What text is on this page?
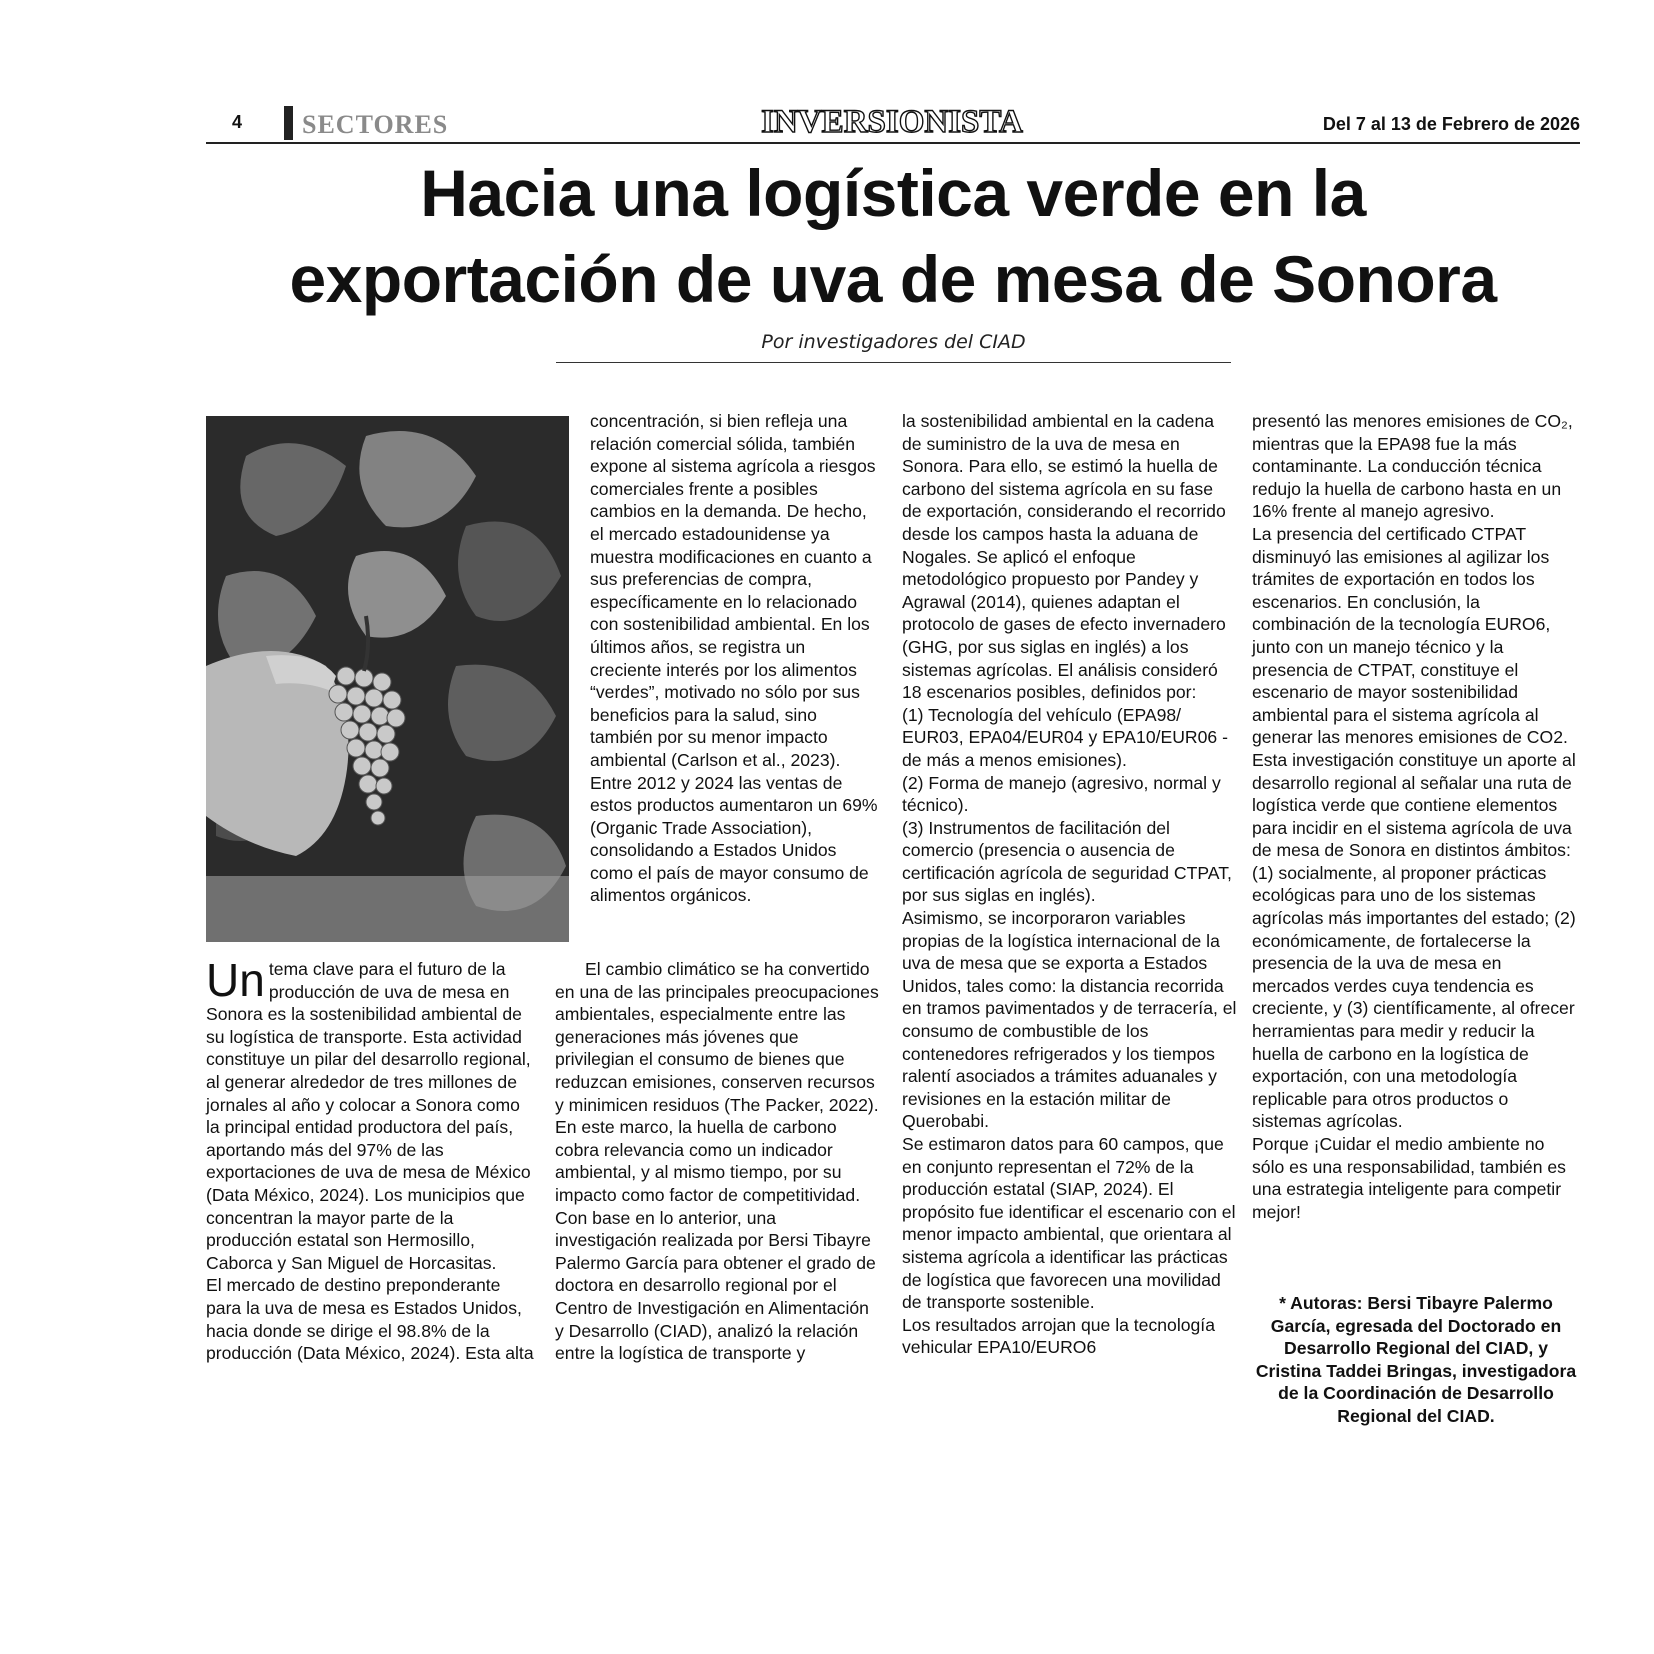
4 SECTORES	INVERSIONISTA	Del 7 al 13 de Febrero de 2026
Hacia una logística verde en la
exportación de uva de mesa de Sonora
Por investigadores del CIAD

Un tema clave para el futuro de la producción de uva de mesa en Sonora es la sostenibilidad ambiental de su logística de transporte. Esta actividad constituye un pilar del desarrollo regional, al generar alrededor de tres millones de jornales al año y colocar a Sonora como la principal entidad productora del país, aportando más del 97% de las exportaciones de uva de mesa de México (Data México, 2024). Los municipios que concentran la mayor parte de la producción estatal son Hermosillo, Caborca y San Miguel de Horcasitas.

El mercado de destino preponderante para la uva de mesa es Estados Unidos, hacia donde se dirige el 98.8% de la producción (Data México, 2024). Esta alta

concentración, si bien refleja una relación comercial sólida, también expone al sistema agrícola a riesgos comerciales frente a posibles cambios en la demanda. De hecho, el mercado estadounidense ya muestra modificaciones en cuanto a sus preferencias de compra, específicamente en lo relacionado con sostenibilidad ambiental. En los últimos años, se registra un creciente interés por los alimentos “verdes”, motivado no sólo por sus beneficios para la salud, sino también por su menor impacto ambiental (Carlson et al., 2023). Entre 2012 y 2024 las ventas de estos productos aumentaron un 69% (Organic Trade Association), consolidando a Estados Unidos como el país de mayor consumo de alimentos orgánicos.

El cambio climático se ha convertido en una de las principales preocupaciones ambientales, especialmente entre las generaciones más jóvenes que privilegian el consumo de bienes que reduzcan emisiones, conserven recursos y minimicen residuos (The Packer, 2022). En este marco, la huella de carbono cobra relevancia como un indicador ambiental, y al mismo tiempo, por su impacto como factor de competitividad.

Con base en lo anterior, una investigación realizada por Bersi Tibayre Palermo García para obtener el grado de doctora en desarrollo regional por el Centro de Investigación en Alimentación y Desarrollo (CIAD), analizó la relación entre la logística de transporte y

la sostenibilidad ambiental en la cadena de suministro de la uva de mesa en Sonora. Para ello, se estimó la huella de carbono del sistema agrícola en su fase de exportación, considerando el recorrido desde los campos hasta la aduana de Nogales. Se aplicó el enfoque metodológico propuesto por Pandey y Agrawal (2014), quienes adaptan el protocolo de gases de efecto invernadero (GHG, por sus siglas en inglés) a los sistemas agrícolas. El análisis consideró 18 escenarios posibles, definidos por:

(1) Tecnología del vehículo (EPA98/ EUR03, EPA04/EUR04 y EPA10/EUR06 -de más a menos emisiones).

(2) Forma de manejo (agresivo, normal y técnico).

(3) Instrumentos de facilitación del comercio (presencia o ausencia de certificación agrícola de seguridad CTPAT, por sus siglas en inglés).

Asimismo, se incorporaron variables propias de la logística internacional de la uva de mesa que se exporta a Estados Unidos, tales como: la distancia recorrida en tramos pavimentados y de terracería, el consumo de combustible de los contenedores refrigerados y los tiempos ralentí asociados a trámites aduanales y revisiones en la estación militar de Querobabi.

Se estimaron datos para 60 campos, que en conjunto representan el 72% de la producción estatal (SIAP, 2024). El propósito fue identificar el escenario con el menor impacto ambiental, que orientara al sistema agrícola a identificar las prácticas de logística que favorecen una movilidad de transporte sostenible.

Los resultados arrojan que la tecnología vehicular EPA10/EURO6

presentó las menores emisiones de CO₂, mientras que la EPA98 fue la más contaminante. La conducción técnica redujo la huella de carbono hasta en un 16% frente al manejo agresivo.

La presencia del certificado CTPAT disminuyó las emisiones al agilizar los trámites de exportación en todos los escenarios. En conclusión, la combinación de la tecnología EURO6, junto con un manejo técnico y la presencia de CTPAT, constituye el escenario de mayor sostenibilidad ambiental para el sistema agrícola al generar las menores emisiones de CO2.

Esta investigación constituye un aporte al desarrollo regional al señalar una ruta de logística verde que contiene elementos para incidir en el sistema agrícola de uva de mesa de Sonora en distintos ámbitos: (1) socialmente, al proponer prácticas ecológicas para uno de los sistemas agrícolas más importantes del estado; (2) económicamente, de fortalecerse la presencia de la uva de mesa en mercados verdes cuya tendencia es creciente, y (3) científicamente, al ofrecer herramientas para medir y reducir la huella de carbono en la logística de exportación, con una metodología replicable para otros productos o sistemas agrícolas.

Porque ¡Cuidar el medio ambiente no sólo es una responsabilidad, también es una estrategia inteligente para competir mejor!

* Autoras: Bersi Tibayre Palermo García, egresada del Doctorado en Desarrollo Regional del CIAD, y Cristina Taddei Bringas, investigadora de la Coordinación de Desarrollo Regional del CIAD.
